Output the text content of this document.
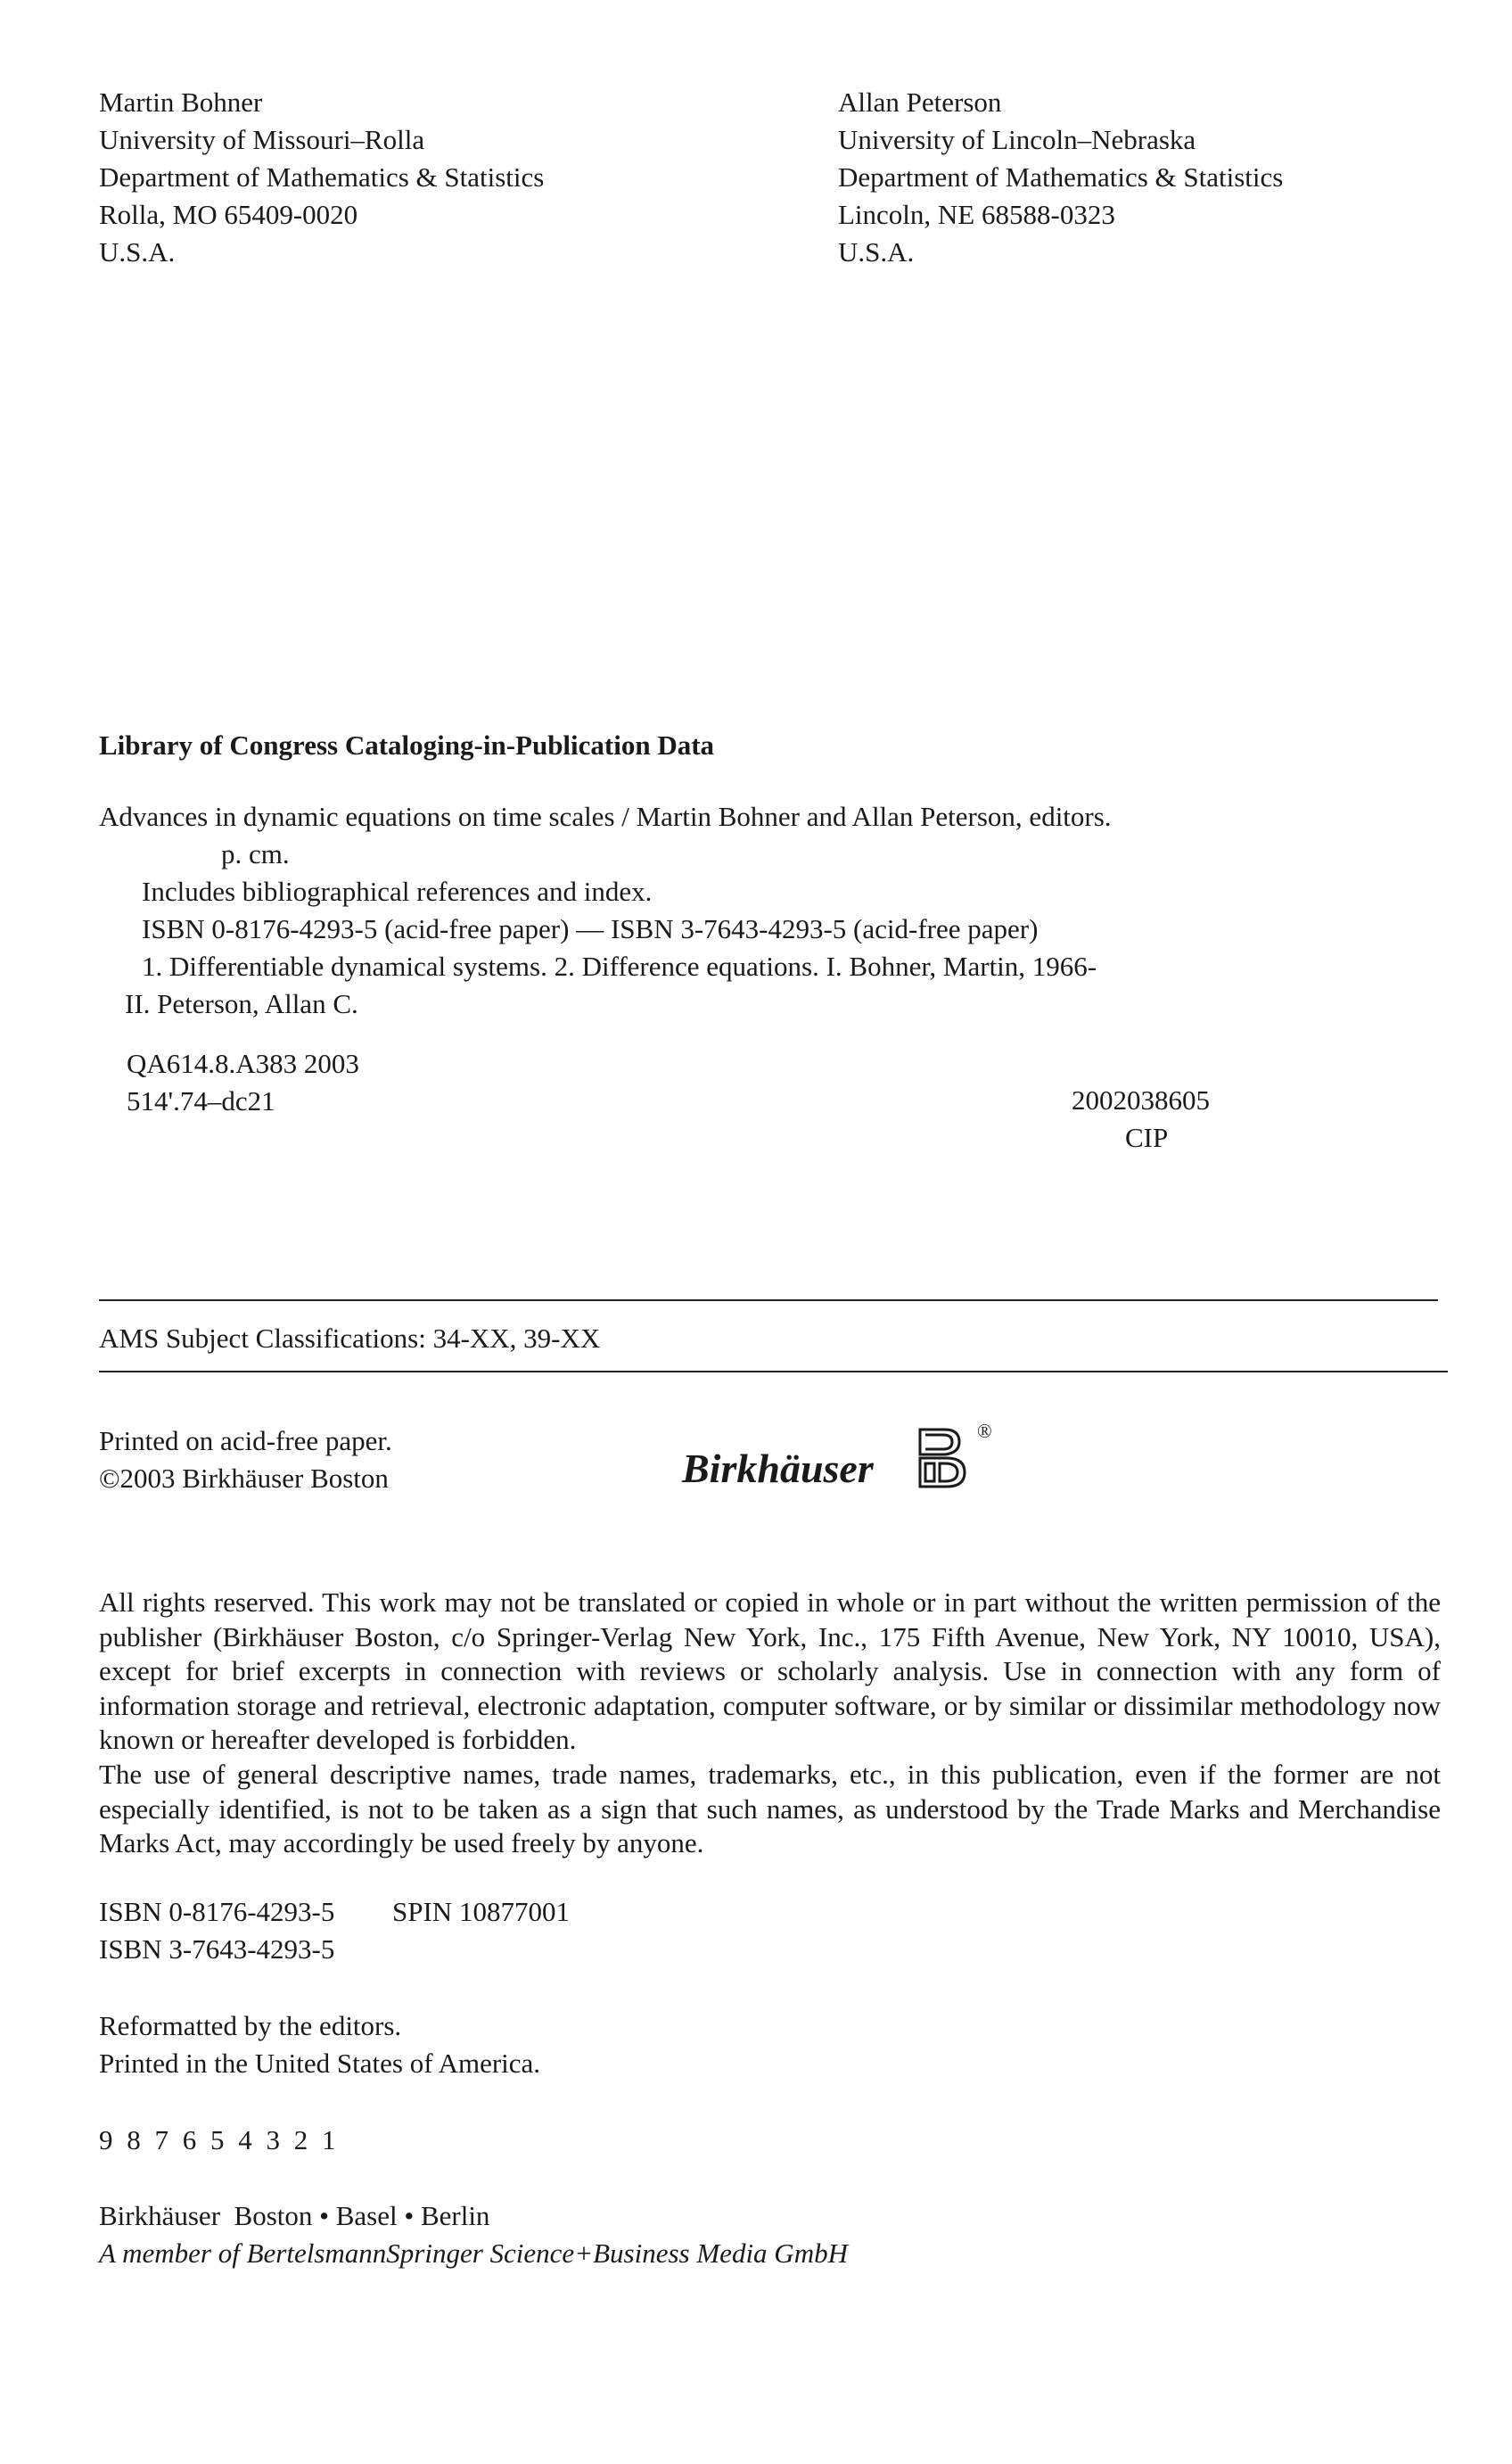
Martin Bohner
University of Missouri–Rolla
Department of Mathematics & Statistics
Rolla, MO 65409-0020
U.S.A.
Allan Peterson
University of Lincoln–Nebraska
Department of Mathematics & Statistics
Lincoln, NE 68588-0323
U.S.A.
Library of Congress Cataloging-in-Publication Data
Advances in dynamic equations on time scales / Martin Bohner and Allan Peterson, editors.
p. cm.
Includes bibliographical references and index.
ISBN 0-8176-4293-5 (acid-free paper) — ISBN 3-7643-4293-5 (acid-free paper)
1. Differentiable dynamical systems. 2. Difference equations. I. Bohner, Martin, 1966-
II. Peterson, Allan C.
QA614.8.A383 2003
514'.74–dc21	2002038605
CIP
AMS Subject Classifications: 34-XX, 39-XX
Printed on acid-free paper.
©2003 Birkhäuser Boston	Birkhäuser
®
All rights reserved. This work may not be translated or copied in whole or in part without the written permission of the publisher (Birkhäuser Boston, c/o Springer-Verlag New York, Inc., 175 Fifth Avenue, New York, NY 10010, USA), except for brief excerpts in connection with reviews or scholarly analysis. Use in connection with any form of information storage and retrieval, electronic adaptation, computer software, or by similar or dissimilar methodology now known or hereafter developed is forbidden.
The use of general descriptive names, trade names, trademarks, etc., in this publication, even if the former are not especially identified, is not to be taken as a sign that such names, as understood by the Trade Marks and Merchandise Marks Act, may accordingly be used freely by anyone.
ISBN 0-8176-4293-5
ISBN 3-7643-4293-5
SPIN 10877001
Reformatted by the editors.
Printed in the United States of America.
9 8 7 6 5 4 3 2 1
Birkhäuser  Boston • Basel • Berlin
A member of BertelsmannSpringer Science+Business Media GmbH
